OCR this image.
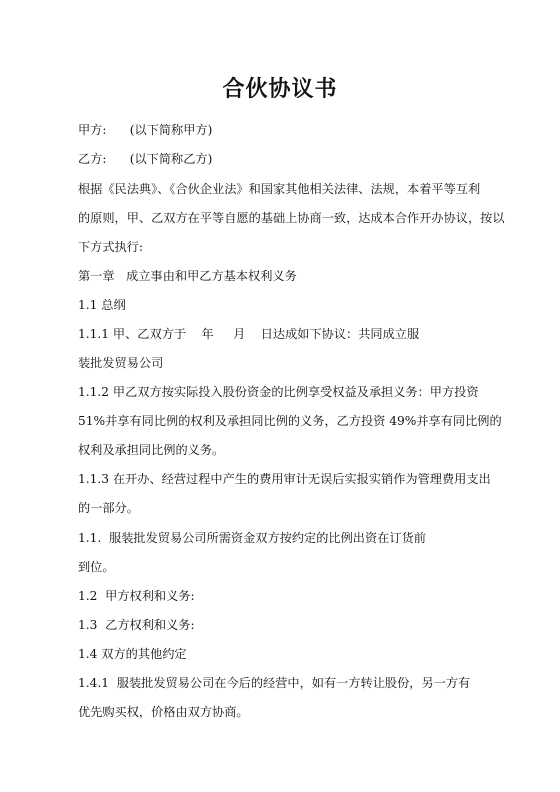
合伙协议书
甲方:      (以下简称甲方)
乙方:      (以下简称乙方)
根据《民法典》、《合伙企业法》和国家其他相关法律、法规，本着平等互利
的原则，甲、乙双方在平等自愿的基础上协商一致，达成本合作开办协议，按以
下方式执行:
第一章   成立事由和甲乙方基本权利义务
1.1 总纲
1.1.1 甲、乙双方于    年     月    日达成如下协议：共同成立服
装批发贸易公司
1.1.2 甲乙双方按实际投入股份资金的比例享受权益及承担义务：甲方投资
51%并享有同比例的权利及承担同比例的义务，乙方投资 49%并享有同比例的
权利及承担同比例的义务。
1.1.3 在开办、经营过程中产生的费用审计无误后实报实销作为管理费用支出
的一部分。
1.1.  服装批发贸易公司所需资金双方按约定的比例出资在订货前
到位。
1.2  甲方权利和义务:
1.3  乙方权利和义务:
1.4 双方的其他约定
1.4.1  服装批发贸易公司在今后的经营中，如有一方转让股份，另一方有
优先购买权，价格由双方协商。
